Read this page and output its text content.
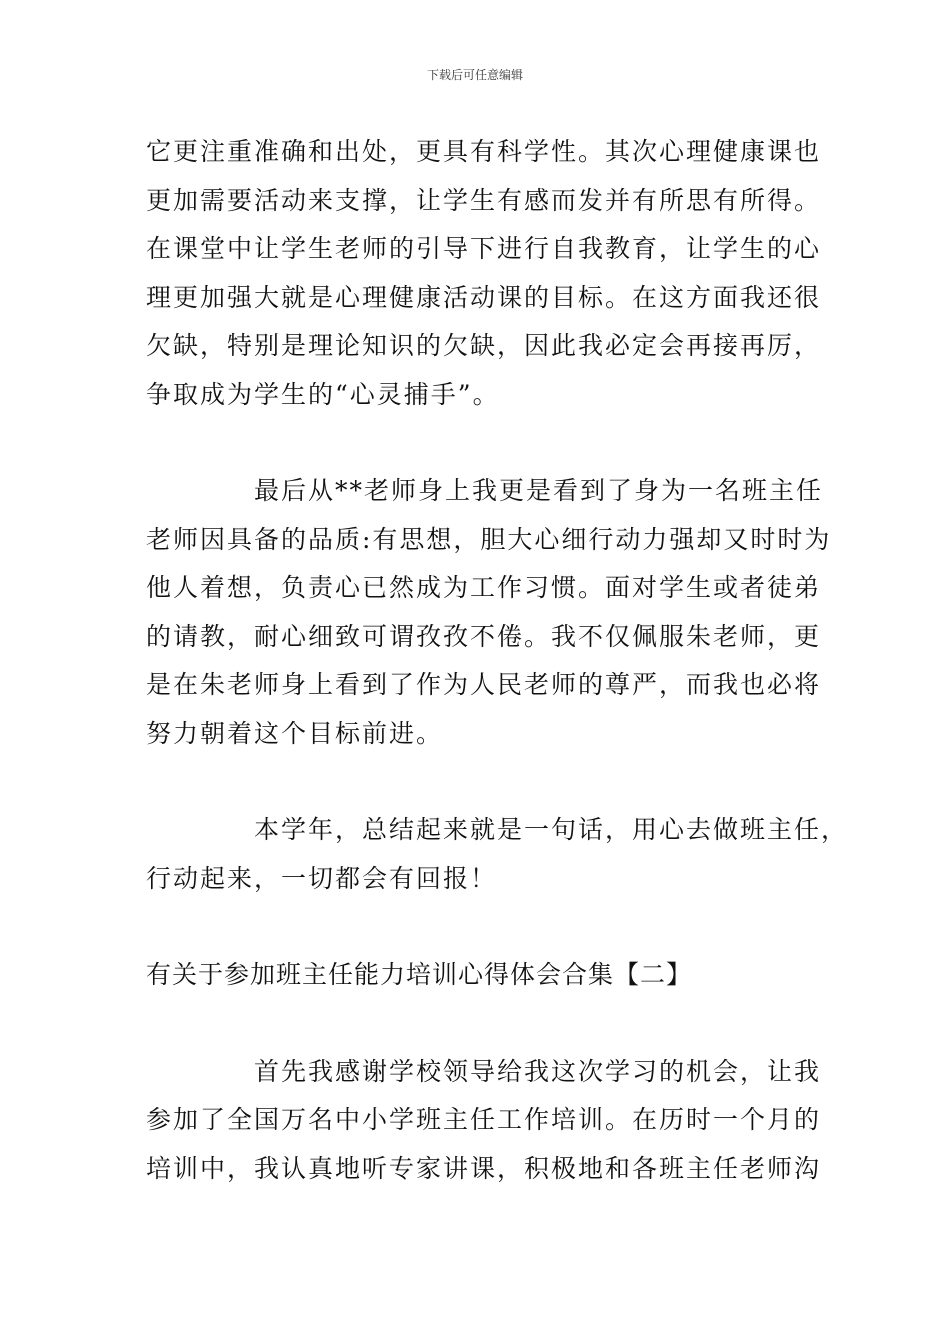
下载后可任意编辑
它更注重准确和出处，更具有科学性。其次心理健康课也
更加需要活动来支撑，让学生有感而发并有所思有所得。
在课堂中让学生老师的引导下进行自我教育，让学生的心
理更加强大就是心理健康活动课的目标。在这方面我还很
欠缺，特别是理论知识的欠缺，因此我必定会再接再厉，
争取成为学生的“心灵捕手”。
最后从**老师身上我更是看到了身为一名班主任
老师因具备的品质:有思想，胆大心细行动力强却又时时为
他人着想，负责心已然成为工作习惯。面对学生或者徒弟
的请教，耐心细致可谓孜孜不倦。我不仅佩服朱老师，更
是在朱老师身上看到了作为人民老师的尊严，而我也必将
努力朝着这个目标前进。
本学年，总结起来就是一句话，用心去做班主任，
行动起来，一切都会有回报！
有关于参加班主任能力培训心得体会合集【二】
首先我感谢学校领导给我这次学习的机会，让我
参加了全国万名中小学班主任工作培训。在历时一个月的
培训中，我认真地听专家讲课，积极地和各班主任老师沟
